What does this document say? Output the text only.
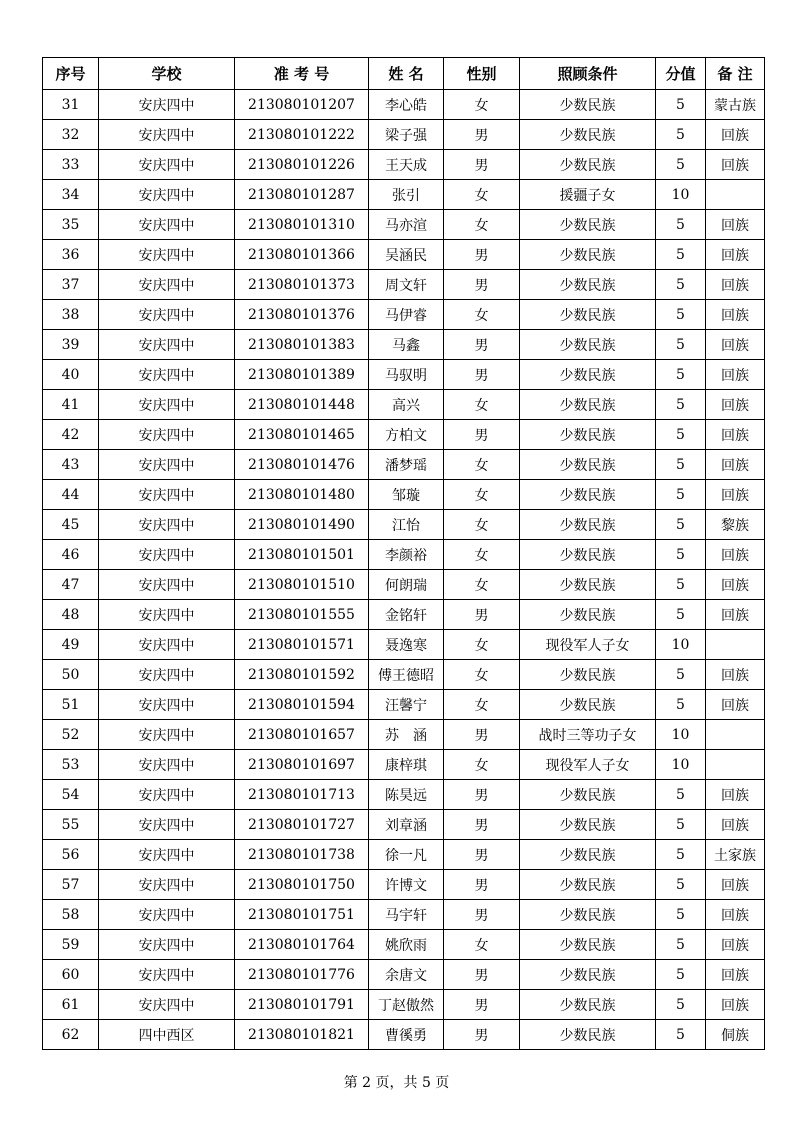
序号	学校	准 考 号	姓 名	性别	照顾条件	分值	备 注
31	安庆四中	213080101207	李心皓	女	少数民族	5	蒙古族
32	安庆四中	213080101222	梁子强	男	少数民族	5	回族
33	安庆四中	213080101226	王天成	男	少数民族	5	回族
34	安庆四中	213080101287	张引	女	援疆子女	10	
35	安庆四中	213080101310	马亦渲	女	少数民族	5	回族
36	安庆四中	213080101366	吴涵民	男	少数民族	5	回族
37	安庆四中	213080101373	周文轩	男	少数民族	5	回族
38	安庆四中	213080101376	马伊睿	女	少数民族	5	回族
39	安庆四中	213080101383	马鑫	男	少数民族	5	回族
40	安庆四中	213080101389	马驭明	男	少数民族	5	回族
41	安庆四中	213080101448	高兴	女	少数民族	5	回族
42	安庆四中	213080101465	方柏文	男	少数民族	5	回族
43	安庆四中	213080101476	潘梦瑶	女	少数民族	5	回族
44	安庆四中	213080101480	邹璇	女	少数民族	5	回族
45	安庆四中	213080101490	江怡	女	少数民族	5	黎族
46	安庆四中	213080101501	李颜裕	女	少数民族	5	回族
47	安庆四中	213080101510	何朗瑞	女	少数民族	5	回族
48	安庆四中	213080101555	金铭轩	男	少数民族	5	回族
49	安庆四中	213080101571	聂逸寒	女	现役军人子女	10	
50	安庆四中	213080101592	傅王德昭	女	少数民族	5	回族
51	安庆四中	213080101594	汪馨宁	女	少数民族	5	回族
52	安庆四中	213080101657	苏　涵	男	战时三等功子女	10	
53	安庆四中	213080101697	康梓琪	女	现役军人子女	10	
54	安庆四中	213080101713	陈昊远	男	少数民族	5	回族
55	安庆四中	213080101727	刘章涵	男	少数民族	5	回族
56	安庆四中	213080101738	徐一凡	男	少数民族	5	土家族
57	安庆四中	213080101750	许博文	男	少数民族	5	回族
58	安庆四中	213080101751	马宇轩	男	少数民族	5	回族
59	安庆四中	213080101764	姚欣雨	女	少数民族	5	回族
60	安庆四中	213080101776	余唐文	男	少数民族	5	回族
61	安庆四中	213080101791	丁赵傲然	男	少数民族	5	回族
62	四中西区	213080101821	曹徯勇	男	少数民族	5	侗族
第 2 页，共 5 页
